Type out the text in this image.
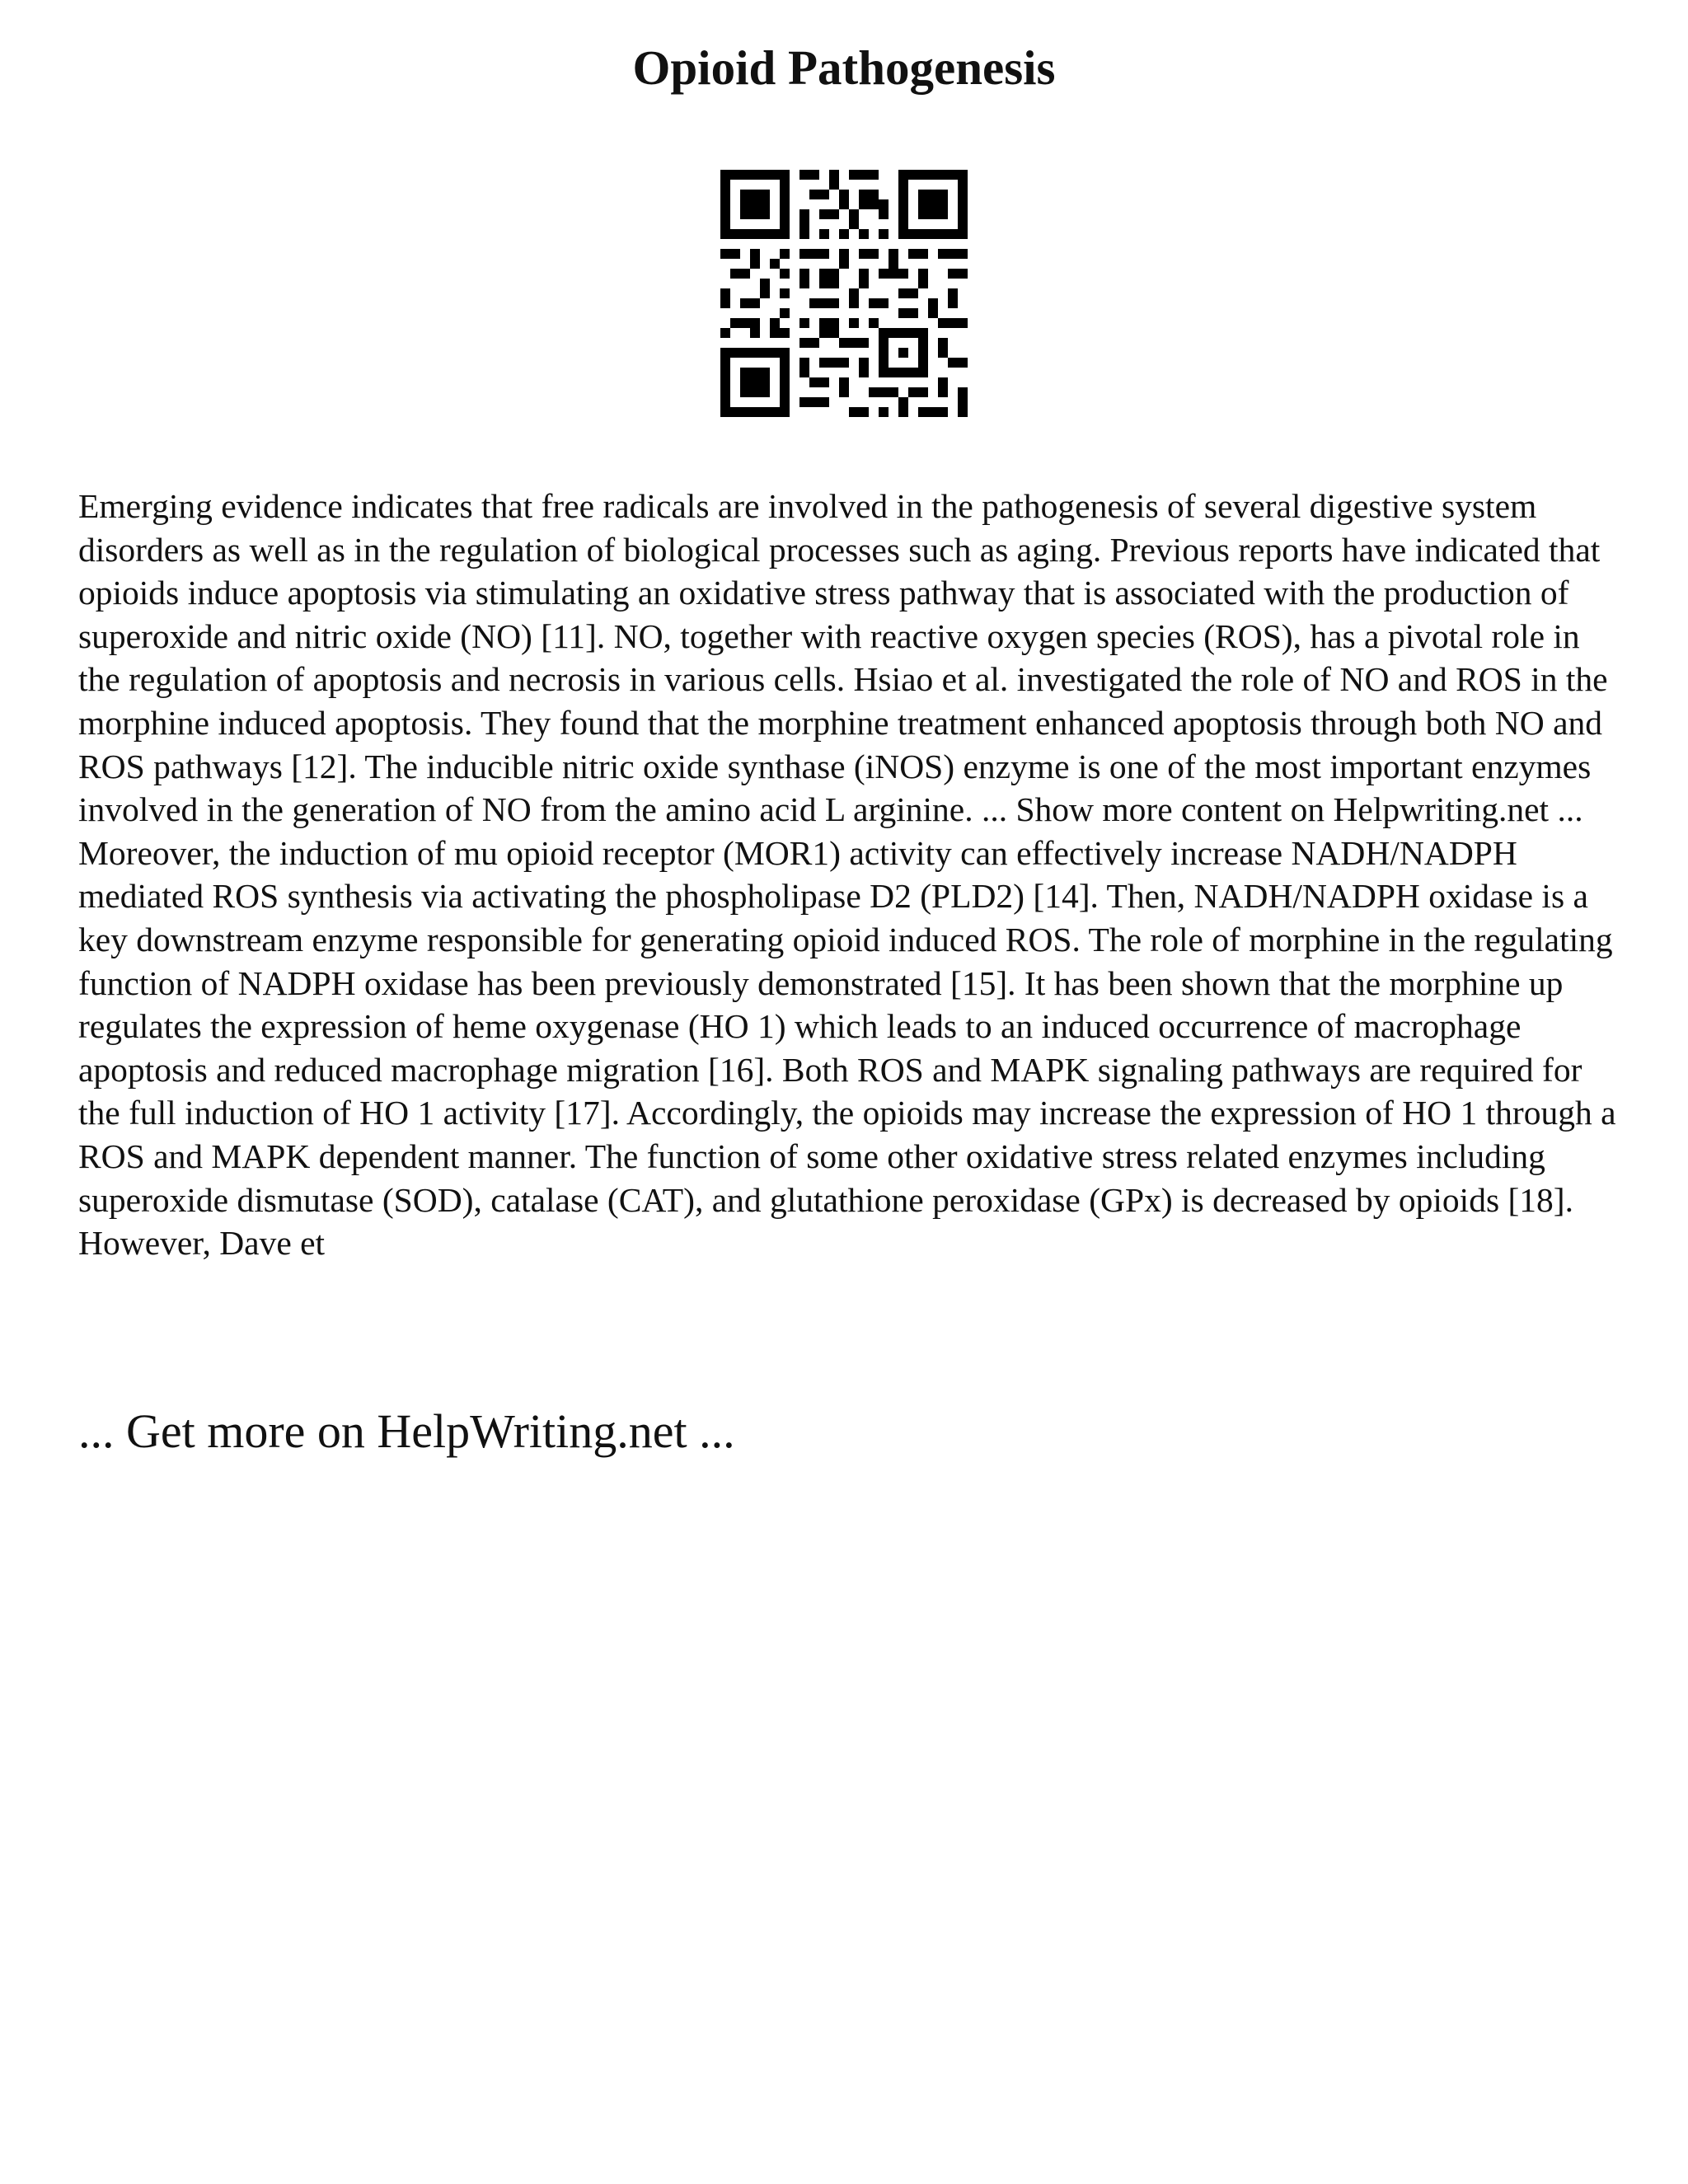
Opioid Pathogenesis

Emerging evidence indicates that free radicals are involved in the pathogenesis of several digestive system disorders as well as in the regulation of biological processes such as aging. Previous reports have indicated that opioids induce apoptosis via stimulating an oxidative stress pathway that is associated with the production of superoxide and nitric oxide (NO) [11]. NO, together with reactive oxygen species (ROS), has a pivotal role in the regulation of apoptosis and necrosis in various cells. Hsiao et al. investigated the role of NO and ROS in the morphine induced apoptosis. They found that the morphine treatment enhanced apoptosis through both NO and ROS pathways [12]. The inducible nitric oxide synthase (iNOS) enzyme is one of the most important enzymes involved in the generation of NO from the amino acid L arginine. ... Show more content on Helpwriting.net ...

Moreover, the induction of mu opioid receptor (MOR1) activity can effectively increase NADH/NADPH mediated ROS synthesis via activating the phospholipase D2 (PLD2) [14]. Then, NADH/NADPH oxidase is a key downstream enzyme responsible for generating opioid induced ROS. The role of morphine in the regulating function of NADPH oxidase has been previously demonstrated [15]. It has been shown that the morphine up regulates the expression of heme oxygenase (HO 1) which leads to an induced occurrence of macrophage apoptosis and reduced macrophage migration [16]. Both ROS and MAPK signaling pathways are required for the full induction of HO 1 activity [17]. Accordingly, the opioids may increase the expression of HO 1 through a ROS and MAPK dependent manner. The function of some other oxidative stress related enzymes including superoxide dismutase (SOD), catalase (CAT), and glutathione peroxidase (GPx) is decreased by opioids [18]. However, Dave et

... Get more on HelpWriting.net ...
